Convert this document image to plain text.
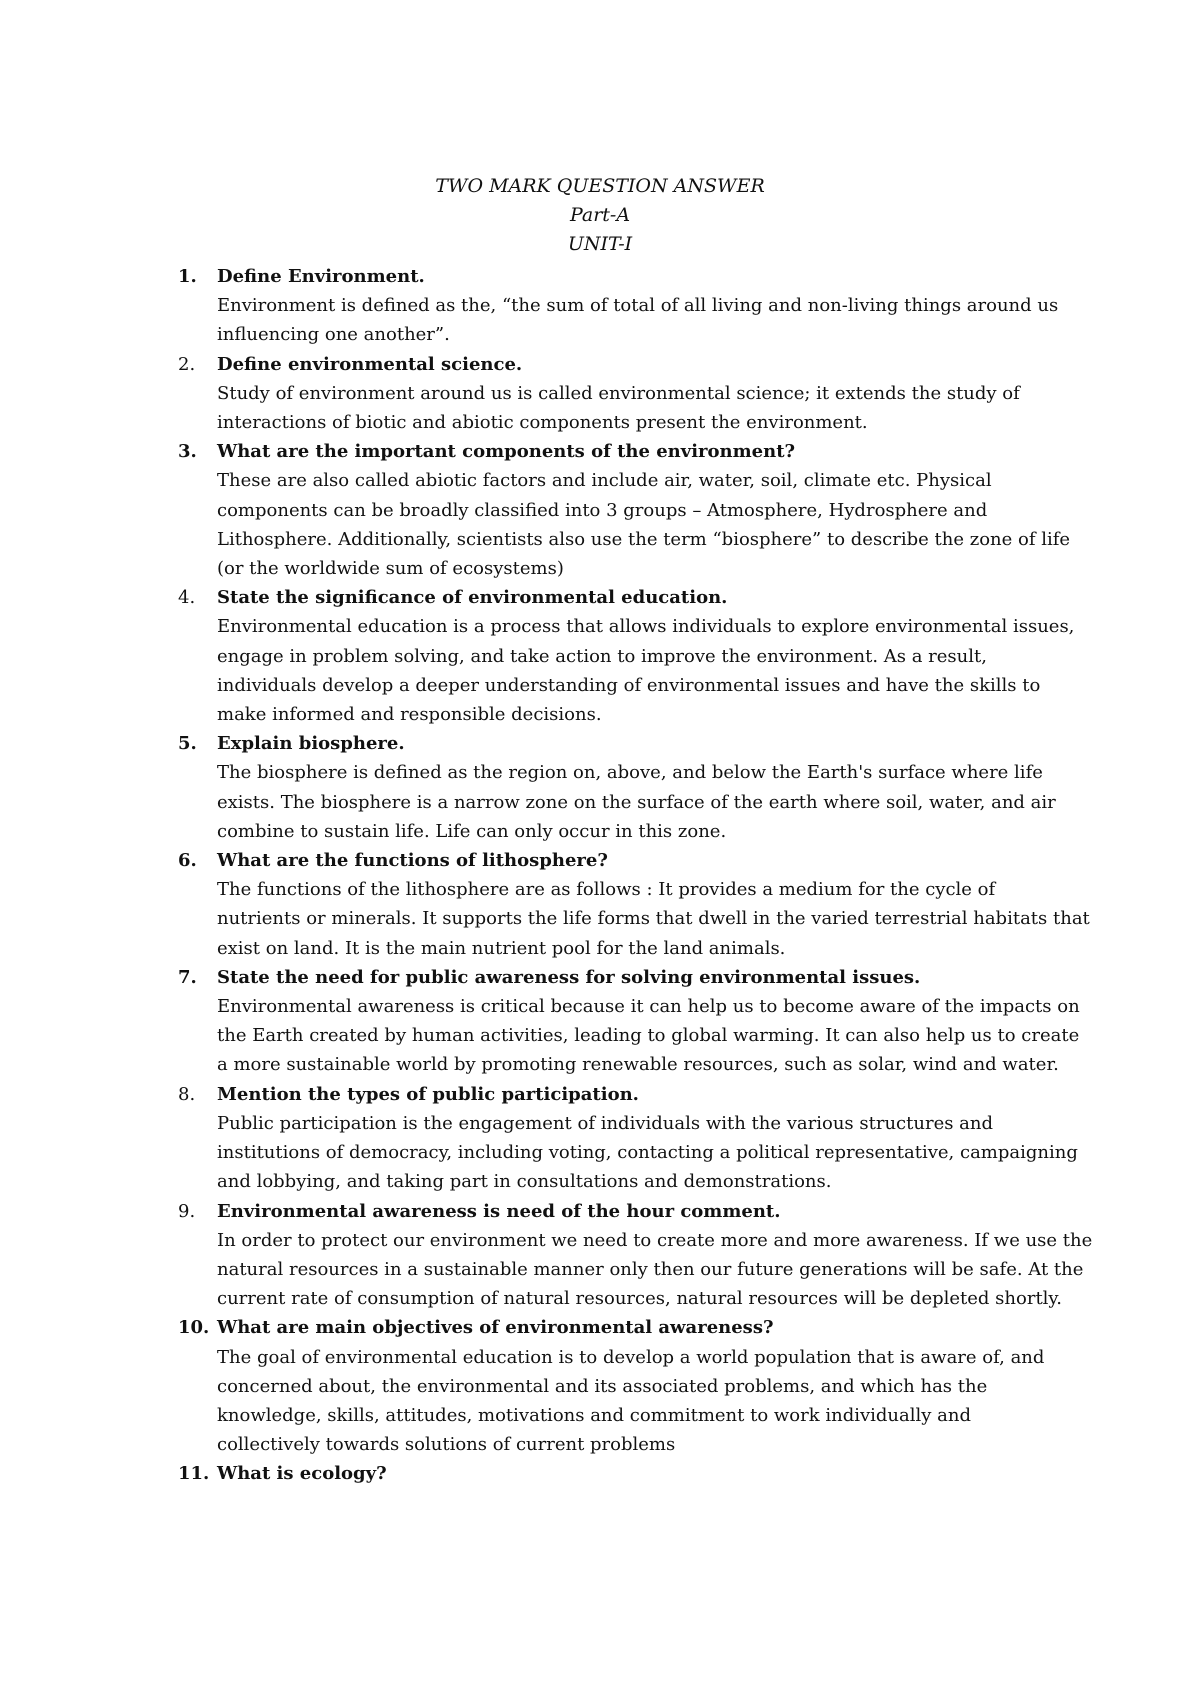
TWO MARK QUESTION ANSWER
Part-A
UNIT-I
1. Define Environment.
Environment is defined as the, “the sum of total of all living and non-living things around us
influencing one another”.
2. Define environmental science.
Study of environment around us is called environmental science; it extends the study of
interactions of biotic and abiotic components present the environment.
3. What are the important components of the environment?
These are also called abiotic factors and include air, water, soil, climate etc. Physical
components can be broadly classified into 3 groups – Atmosphere, Hydrosphere and
Lithosphere. Additionally, scientists also use the term “biosphere” to describe the zone of life
(or the worldwide sum of ecosystems)
4. State the significance of environmental education.
Environmental education is a process that allows individuals to explore environmental issues,
engage in problem solving, and take action to improve the environment. As a result,
individuals develop a deeper understanding of environmental issues and have the skills to
make informed and responsible decisions.
5. Explain biosphere.
The biosphere is defined as the region on, above, and below the Earth's surface where life
exists. The biosphere is a narrow zone on the surface of the earth where soil, water, and air
combine to sustain life. Life can only occur in this zone.
6. What are the functions of lithosphere?
The functions of the lithosphere are as follows : It provides a medium for the cycle of
nutrients or minerals. It supports the life forms that dwell in the varied terrestrial habitats that
exist on land. It is the main nutrient pool for the land animals.
7. State the need for public awareness for solving environmental issues.
Environmental awareness is critical because it can help us to become aware of the impacts on
the Earth created by human activities, leading to global warming. It can also help us to create
a more sustainable world by promoting renewable resources, such as solar, wind and water.
8. Mention the types of public participation.
Public participation is the engagement of individuals with the various structures and
institutions of democracy, including voting, contacting a political representative, campaigning
and lobbying, and taking part in consultations and demonstrations.
9. Environmental awareness is need of the hour comment.
In order to protect our environment we need to create more and more awareness. If we use the
natural resources in a sustainable manner only then our future generations will be safe. At the
current rate of consumption of natural resources, natural resources will be depleted shortly.
10. What are main objectives of environmental awareness?
The goal of environmental education is to develop a world population that is aware of, and
concerned about, the environmental and its associated problems, and which has the
knowledge, skills, attitudes, motivations and commitment to work individually and
collectively towards solutions of current problems
11. What is ecology?
